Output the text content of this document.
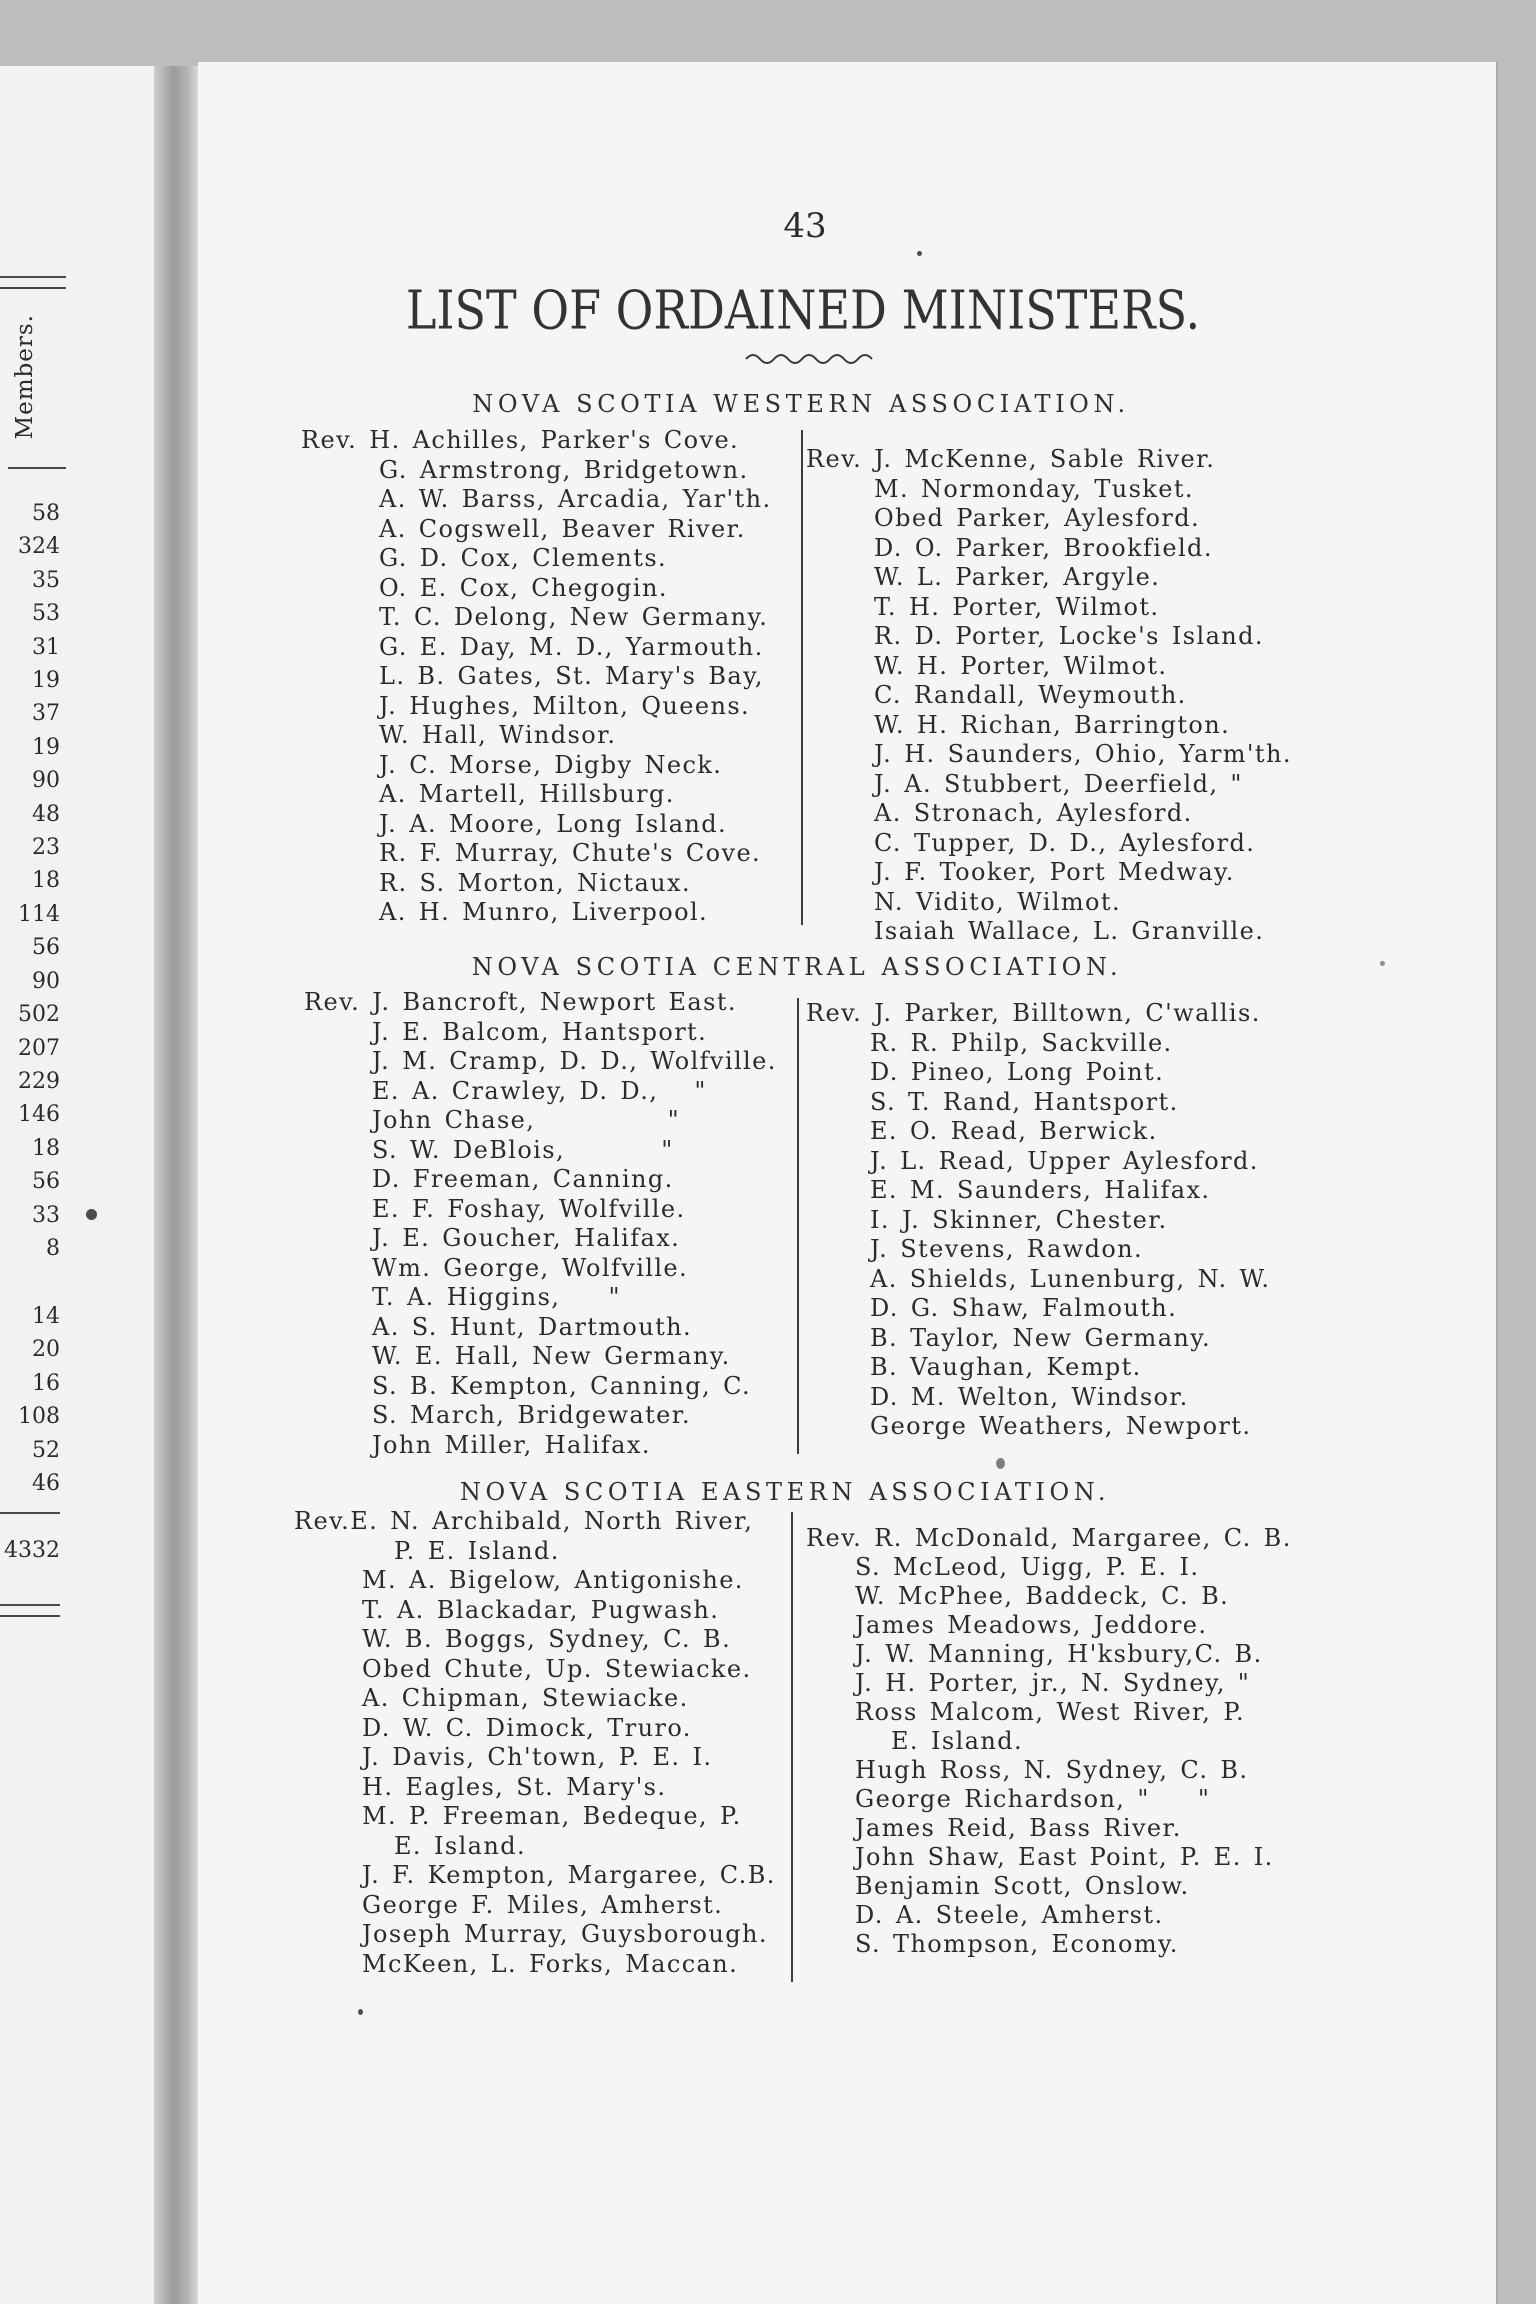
Members.
58
324
35
53
31
19
37
19
90
48
23
18
114
56
90
502
207
229
146
18
56
33
8
14
20
16
108
52
46
4332
43
LIST OF ORDAINED MINISTERS.
NOVA SCOTIA WESTERN ASSOCIATION.
Rev. H. Achilles, Parker's Cove.
G. Armstrong, Bridgetown.
A. W. Barss, Arcadia, Yar'th.
A. Cogswell, Beaver River.
G. D. Cox, Clements.
O. E. Cox, Chegogin.
T. C. Delong, New Germany.
G. E. Day, M. D., Yarmouth.
L. B. Gates, St. Mary's Bay,
J. Hughes, Milton, Queens.
W. Hall, Windsor.
J. C. Morse, Digby Neck.
A. Martell, Hillsburg.
J. A. Moore, Long Island.
R. F. Murray, Chute's Cove.
R. S. Morton, Nictaux.
A. H. Munro, Liverpool.
Rev. J. McKenne, Sable River.
M. Normonday, Tusket.
Obed Parker, Aylesford.
D. O. Parker, Brookfield.
W. L. Parker, Argyle.
T. H. Porter, Wilmot.
R. D. Porter, Locke's Island.
W. H. Porter, Wilmot.
C. Randall, Weymouth.
W. H. Richan, Barrington.
J. H. Saunders, Ohio, Yarm'th.
J. A. Stubbert, Deerfield, "
A. Stronach, Aylesford.
C. Tupper, D. D., Aylesford.
J. F. Tooker, Port Medway.
N. Vidito, Wilmot.
Isaiah Wallace, L. Granville.
NOVA SCOTIA CENTRAL ASSOCIATION.
Rev. J. Bancroft, Newport East.
J. E. Balcom, Hantsport.
J. M. Cramp, D. D., Wolfville.
E. A. Crawley, D. D.,   "
John Chase,           "
S. W. DeBlois,        "
D. Freeman, Canning.
E. F. Foshay, Wolfville.
J. E. Goucher, Halifax.
Wm. George, Wolfville.
T. A. Higgins,    "
A. S. Hunt, Dartmouth.
W. E. Hall, New Germany.
S. B. Kempton, Canning, C.
S. March, Bridgewater.
John Miller, Halifax.
Rev. J. Parker, Billtown, C'wallis.
R. R. Philp, Sackville.
D. Pineo, Long Point.
S. T. Rand, Hantsport.
E. O. Read, Berwick.
J. L. Read, Upper Aylesford.
E. M. Saunders, Halifax.
I. J. Skinner, Chester.
J. Stevens, Rawdon.
A. Shields, Lunenburg, N. W.
D. G. Shaw, Falmouth.
B. Taylor, New Germany.
B. Vaughan, Kempt.
D. M. Welton, Windsor.
George Weathers, Newport.
NOVA SCOTIA EASTERN ASSOCIATION.
Rev.E. N. Archibald, North River,
P. E. Island.
M. A. Bigelow, Antigonishe.
T. A. Blackadar, Pugwash.
W. B. Boggs, Sydney, C. B.
Obed Chute, Up. Stewiacke.
A. Chipman, Stewiacke.
D. W. C. Dimock, Truro.
J. Davis, Ch'town, P. E. I.
H. Eagles, St. Mary's.
M. P. Freeman, Bedeque, P.
E. Island.
J. F. Kempton, Margaree, C.B.
George F. Miles, Amherst.
Joseph Murray, Guysborough.
McKeen, L. Forks, Maccan.
Rev. R. McDonald, Margaree, C. B.
S. McLeod, Uigg, P. E. I.
W. McPhee, Baddeck, C. B.
James Meadows, Jeddore.
J. W. Manning, H'ksbury,C. B.
J. H. Porter, jr., N. Sydney, "
Ross Malcom, West River, P.
E. Island.
Hugh Ross, N. Sydney, C. B.
George Richardson, "    "
James Reid, Bass River.
John Shaw, East Point, P. E. I.
Benjamin Scott, Onslow.
D. A. Steele, Amherst.
S. Thompson, Economy.
